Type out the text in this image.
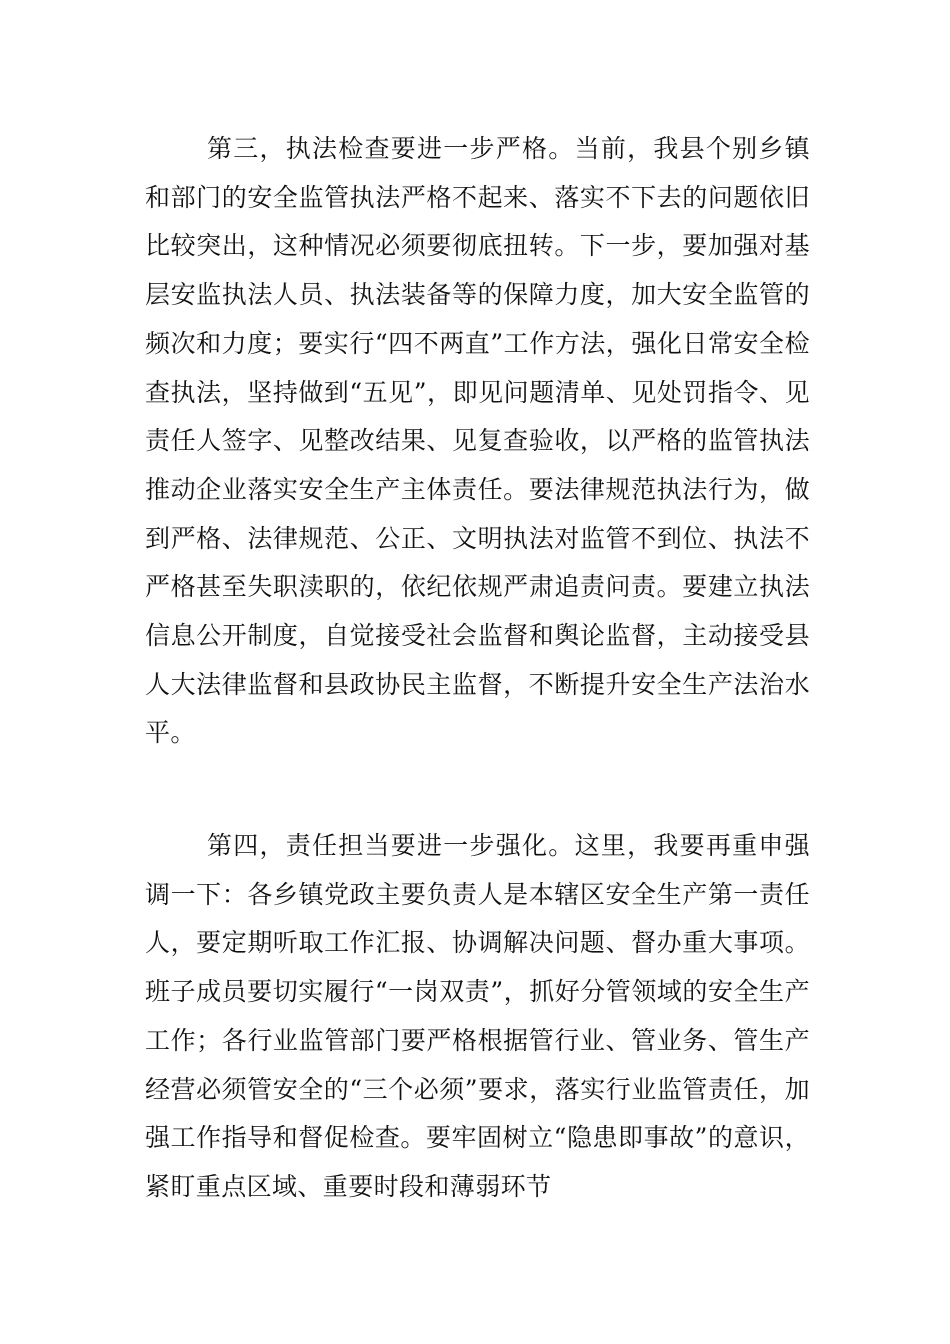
第三，执法检查要进一步严格。当前，我县个别乡镇和部门的安全监管执法严格不起来、落实不下去的问题依旧比较突出，这种情况必须要彻底扭转。下一步，要加强对基层安监执法人员、执法装备等的保障力度，加大安全监管的频次和力度；要实行“四不两直”工作方法，强化日常安全检查执法，坚持做到“五见”，即见问题清单、见处罚指令、见责任人签字、见整改结果、见复查验收，以严格的监管执法推动企业落实安全生产主体责任。要法律规范执法行为，做到严格、法律规范、公正、文明执法对监管不到位、执法不严格甚至失职渎职的，依纪依规严肃追责问责。要建立执法信息公开制度，自觉接受社会监督和舆论监督，主动接受县人大法律监督和县政协民主监督，不断提升安全生产法治水平。

第四，责任担当要进一步强化。这里，我要再重申强调一下：各乡镇党政主要负责人是本辖区安全生产第一责任人，要定期听取工作汇报、协调解决问题、督办重大事项。班子成员要切实履行“一岗双责”，抓好分管领域的安全生产工作；各行业监管部门要严格根据管行业、管业务、管生产经营必须管安全的“三个必须”要求，落实行业监管责任，加强工作指导和督促检查。要牢固树立“隐患即事故”的意识，紧盯重点区域、重要时段和薄弱环节
